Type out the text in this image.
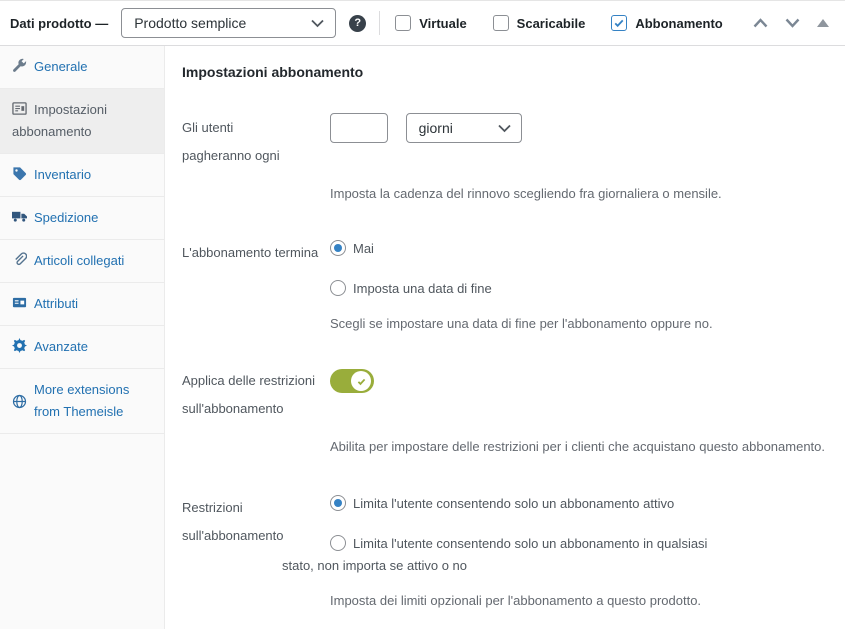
Dati prodotto — Prodotto semplice	?	Virtuale	Scaricabile	Abbonamento
Generale
Impostazioni abbonamento
Inventario
Spedizione
Articoli collegati
Attributi
Avanzate
More extensions from Themeisle
Impostazioni abbonamento
Gli utenti pagheranno ogni

giorni

Imposta la cadenza del rinnovo scegliendo fra giornaliera o mensile.

L'abbonamento termina	Mai
Imposta una data di fine

Scegli se impostare una data di fine per l'abbonamento oppure no.

Applica delle restrizioni sull'abbonamento

Abilita per impostare delle restrizioni per i clienti che acquistano questo abbonamento.

Restrizioni sull'abbonamento
Limita l'utente consentendo solo un abbonamento attivo
Limita l'utente consentendo solo un abbonamento in qualsiasi stato, non importa se attivo o no

Imposta dei limiti opzionali per l'abbonamento a questo prodotto.
